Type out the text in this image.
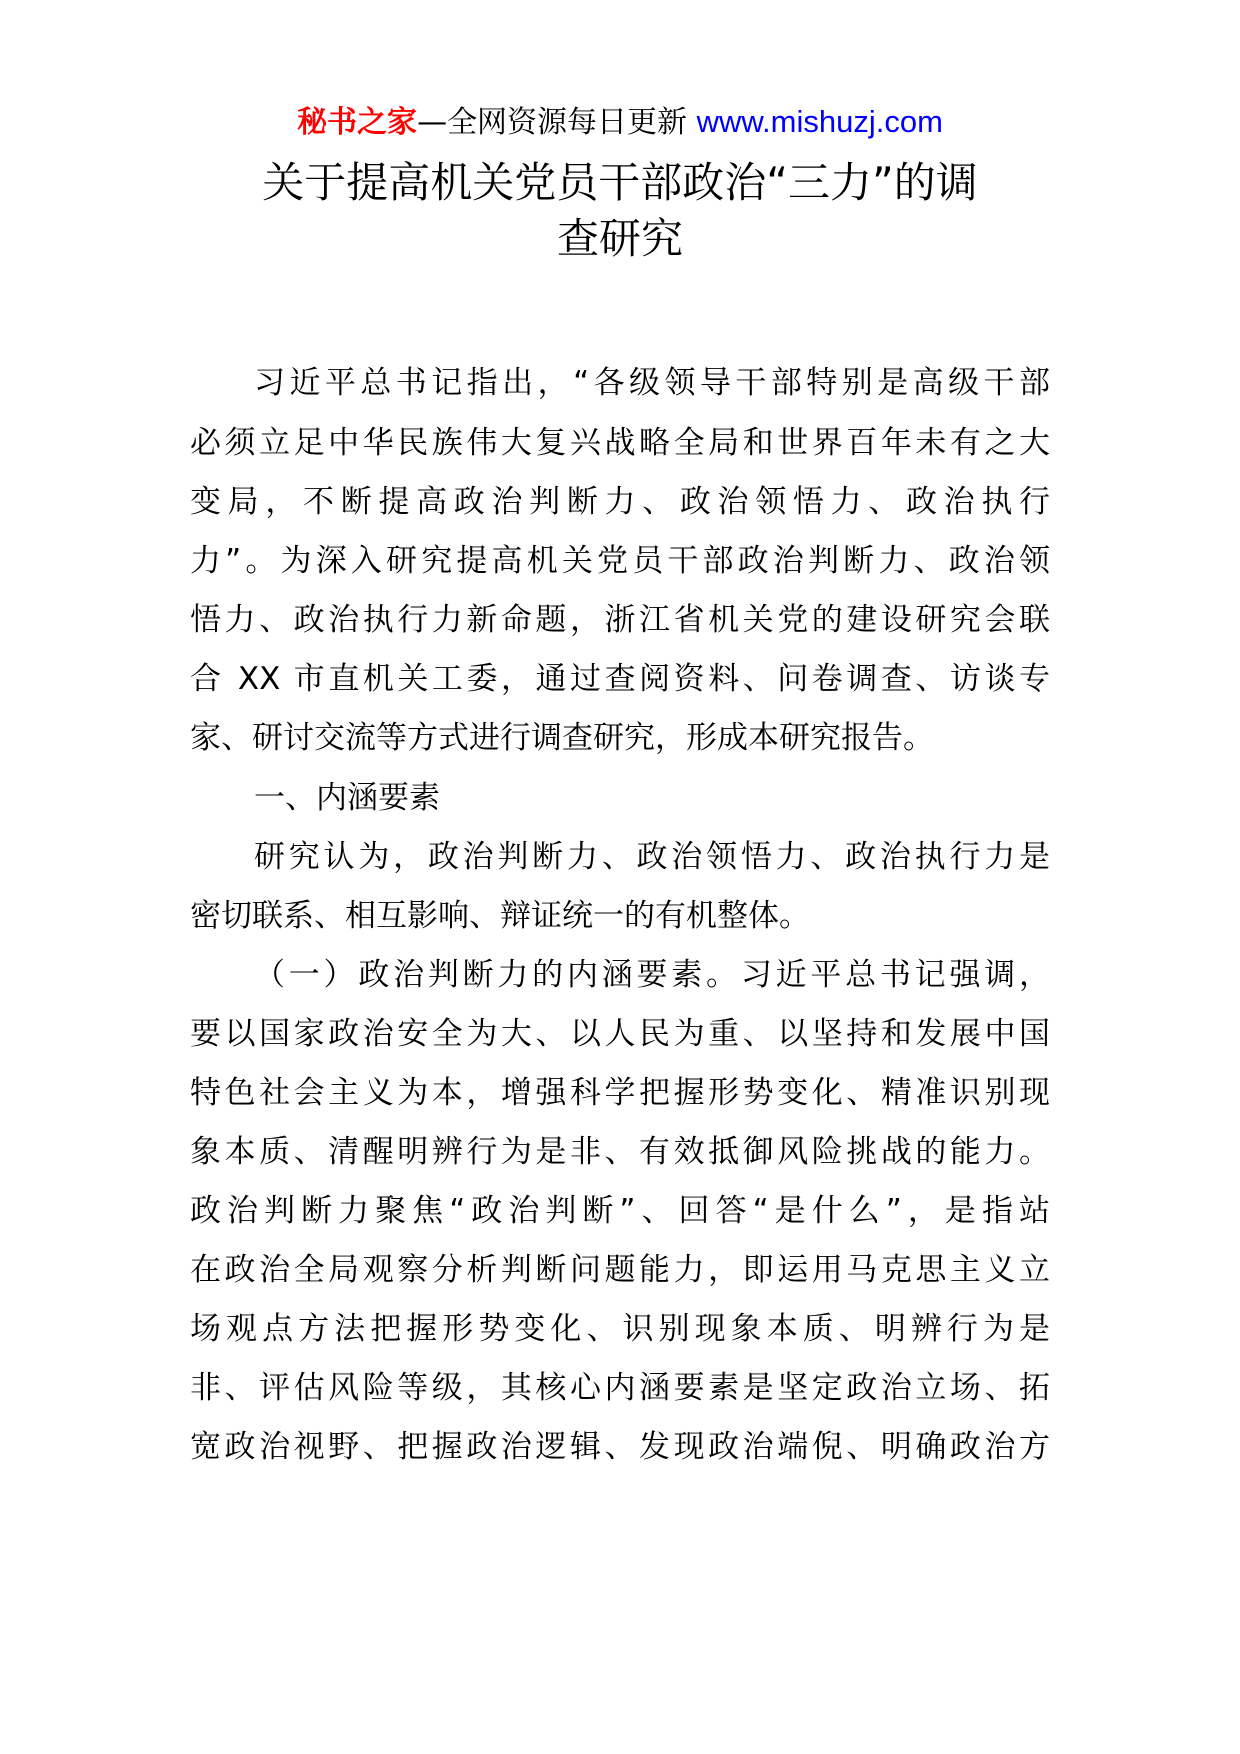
秘书之家—全网资源每日更新 www.mishuzj.com
关于提高机关党员干部政治“三力”的调
查研究
习近平总书记指出，“各级领导干部特别是高级干部
必须立足中华民族伟大复兴战略全局和世界百年未有之大
变局，不断提高政治判断力、政治领悟力、政治执行
力”。为深入研究提高机关党员干部政治判断力、政治领
悟力、政治执行力新命题，浙江省机关党的建设研究会联
合 XX 市直机关工委，通过查阅资料、问卷调查、访谈专
家、研讨交流等方式进行调查研究，形成本研究报告。
一、内涵要素
研究认为，政治判断力、政治领悟力、政治执行力是
密切联系、相互影响、辩证统一的有机整体。
（一）政治判断力的内涵要素。习近平总书记强调，
要以国家政治安全为大、以人民为重、以坚持和发展中国
特色社会主义为本，增强科学把握形势变化、精准识别现
象本质、清醒明辨行为是非、有效抵御风险挑战的能力。
政治判断力聚焦“政治判断”、回答“是什么”，是指站
在政治全局观察分析判断问题能力，即运用马克思主义立
场观点方法把握形势变化、识别现象本质、明辨行为是
非、评估风险等级，其核心内涵要素是坚定政治立场、拓
宽政治视野、把握政治逻辑、发现政治端倪、明确政治方
